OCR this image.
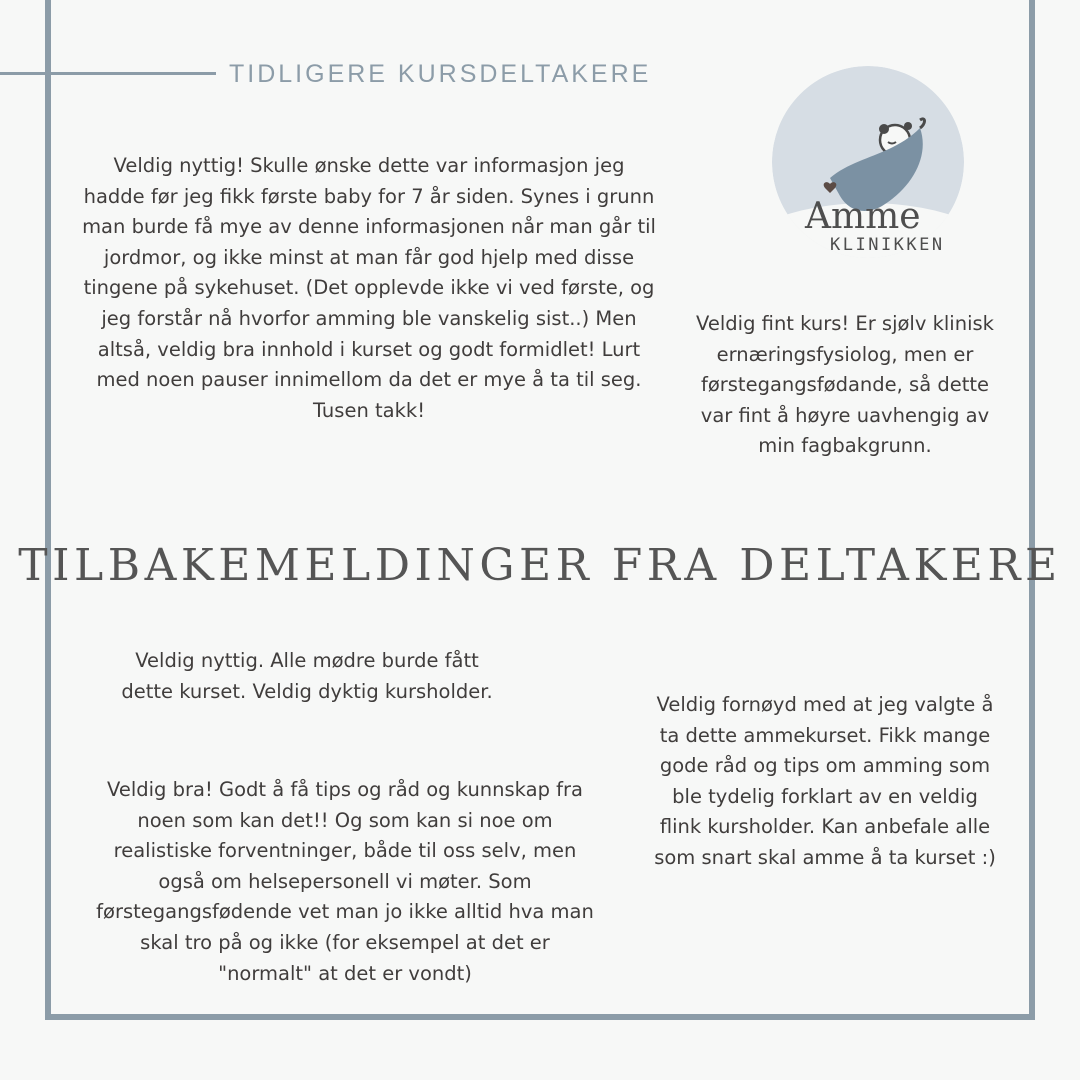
TIDLIGERE KURSDELTAKERE
Amme
KLINIKKEN

Veldig nyttig! Skulle ønske dette var informasjon jeg hadde før jeg fikk første baby for 7 år siden. Synes i grunn man burde få mye av denne informasjonen når man går til jordmor, og ikke minst at man får god hjelp med disse tingene på sykehuset. (Det opplevde ikke vi ved første, og jeg forstår nå hvorfor amming ble vanskelig sist..) Men altså, veldig bra innhold i kurset og godt formidlet! Lurt med noen pauser innimellom da det er mye å ta til seg. Tusen takk!

Veldig fint kurs! Er sjølv klinisk ernæringsfysiolog, men er førstegangsfødande, så dette var fint å høyre uavhengig av min fagbakgrunn.

TILBAKEMELDINGER FRA DELTAKERE

Veldig nyttig. Alle mødre burde fått dette kurset. Veldig dyktig kursholder.

Veldig bra! Godt å få tips og råd og kunnskap fra noen som kan det!! Og som kan si noe om realistiske forventninger, både til oss selv, men også om helsepersonell vi møter. Som førstegangsfødende vet man jo ikke alltid hva man skal tro på og ikke (for eksempel at det er "normalt" at det er vondt)

Veldig fornøyd med at jeg valgte å ta dette ammekurset. Fikk mange gode råd og tips om amming som ble tydelig forklart av en veldig flink kursholder. Kan anbefale alle som snart skal amme å ta kurset :)
